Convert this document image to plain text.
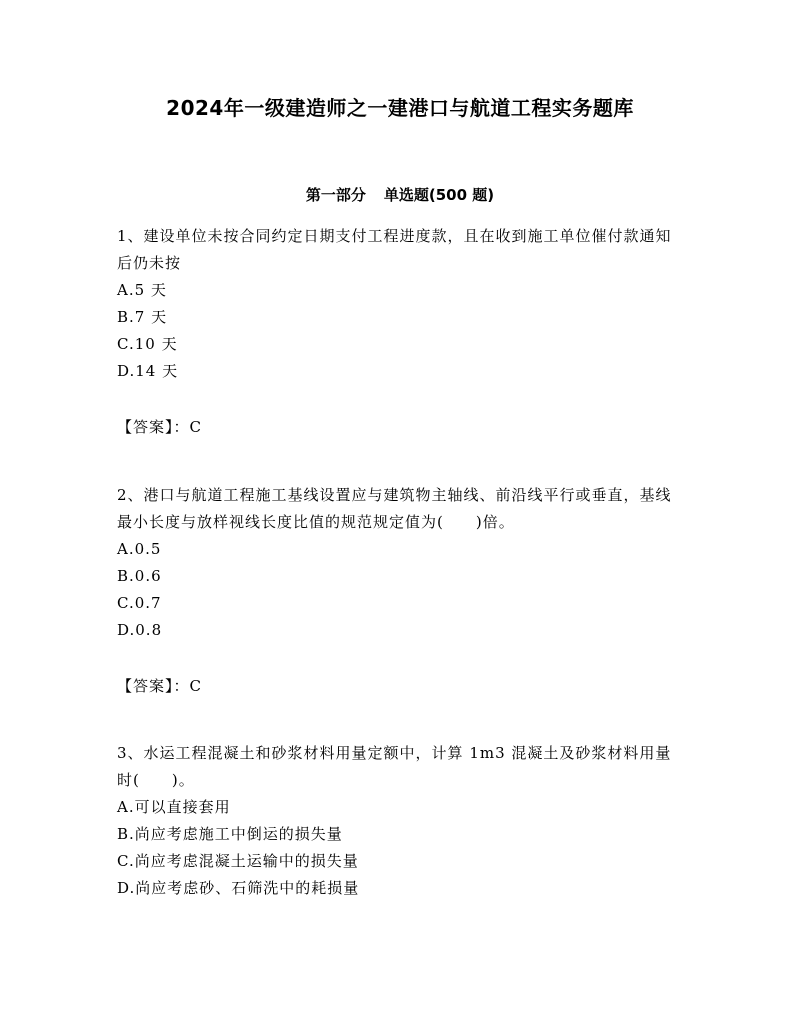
2024年一级建造师之一建港口与航道工程实务题库
第一部分 单选题(500 题)

1、建设单位未按合同约定日期支付工程进度款，且在收到施工单位催付款通知后仍未按

A.5 天

B.7 天

C.10 天

D.14 天

【答案】：C

2、港口与航道工程施工基线设置应与建筑物主轴线、前沿线平行或垂直，基线最小长度与放样视线长度比值的规范规定值为(　　)倍。

A.0.5

B.0.6

C.0.7

D.0.8

【答案】：C

3、水运工程混凝土和砂浆材料用量定额中，计算 1m3 混凝土及砂浆材料用量时(　　)。

A.可以直接套用

B.尚应考虑施工中倒运的损失量

C.尚应考虑混凝土运输中的损失量

D.尚应考虑砂、石筛洗中的耗损量
